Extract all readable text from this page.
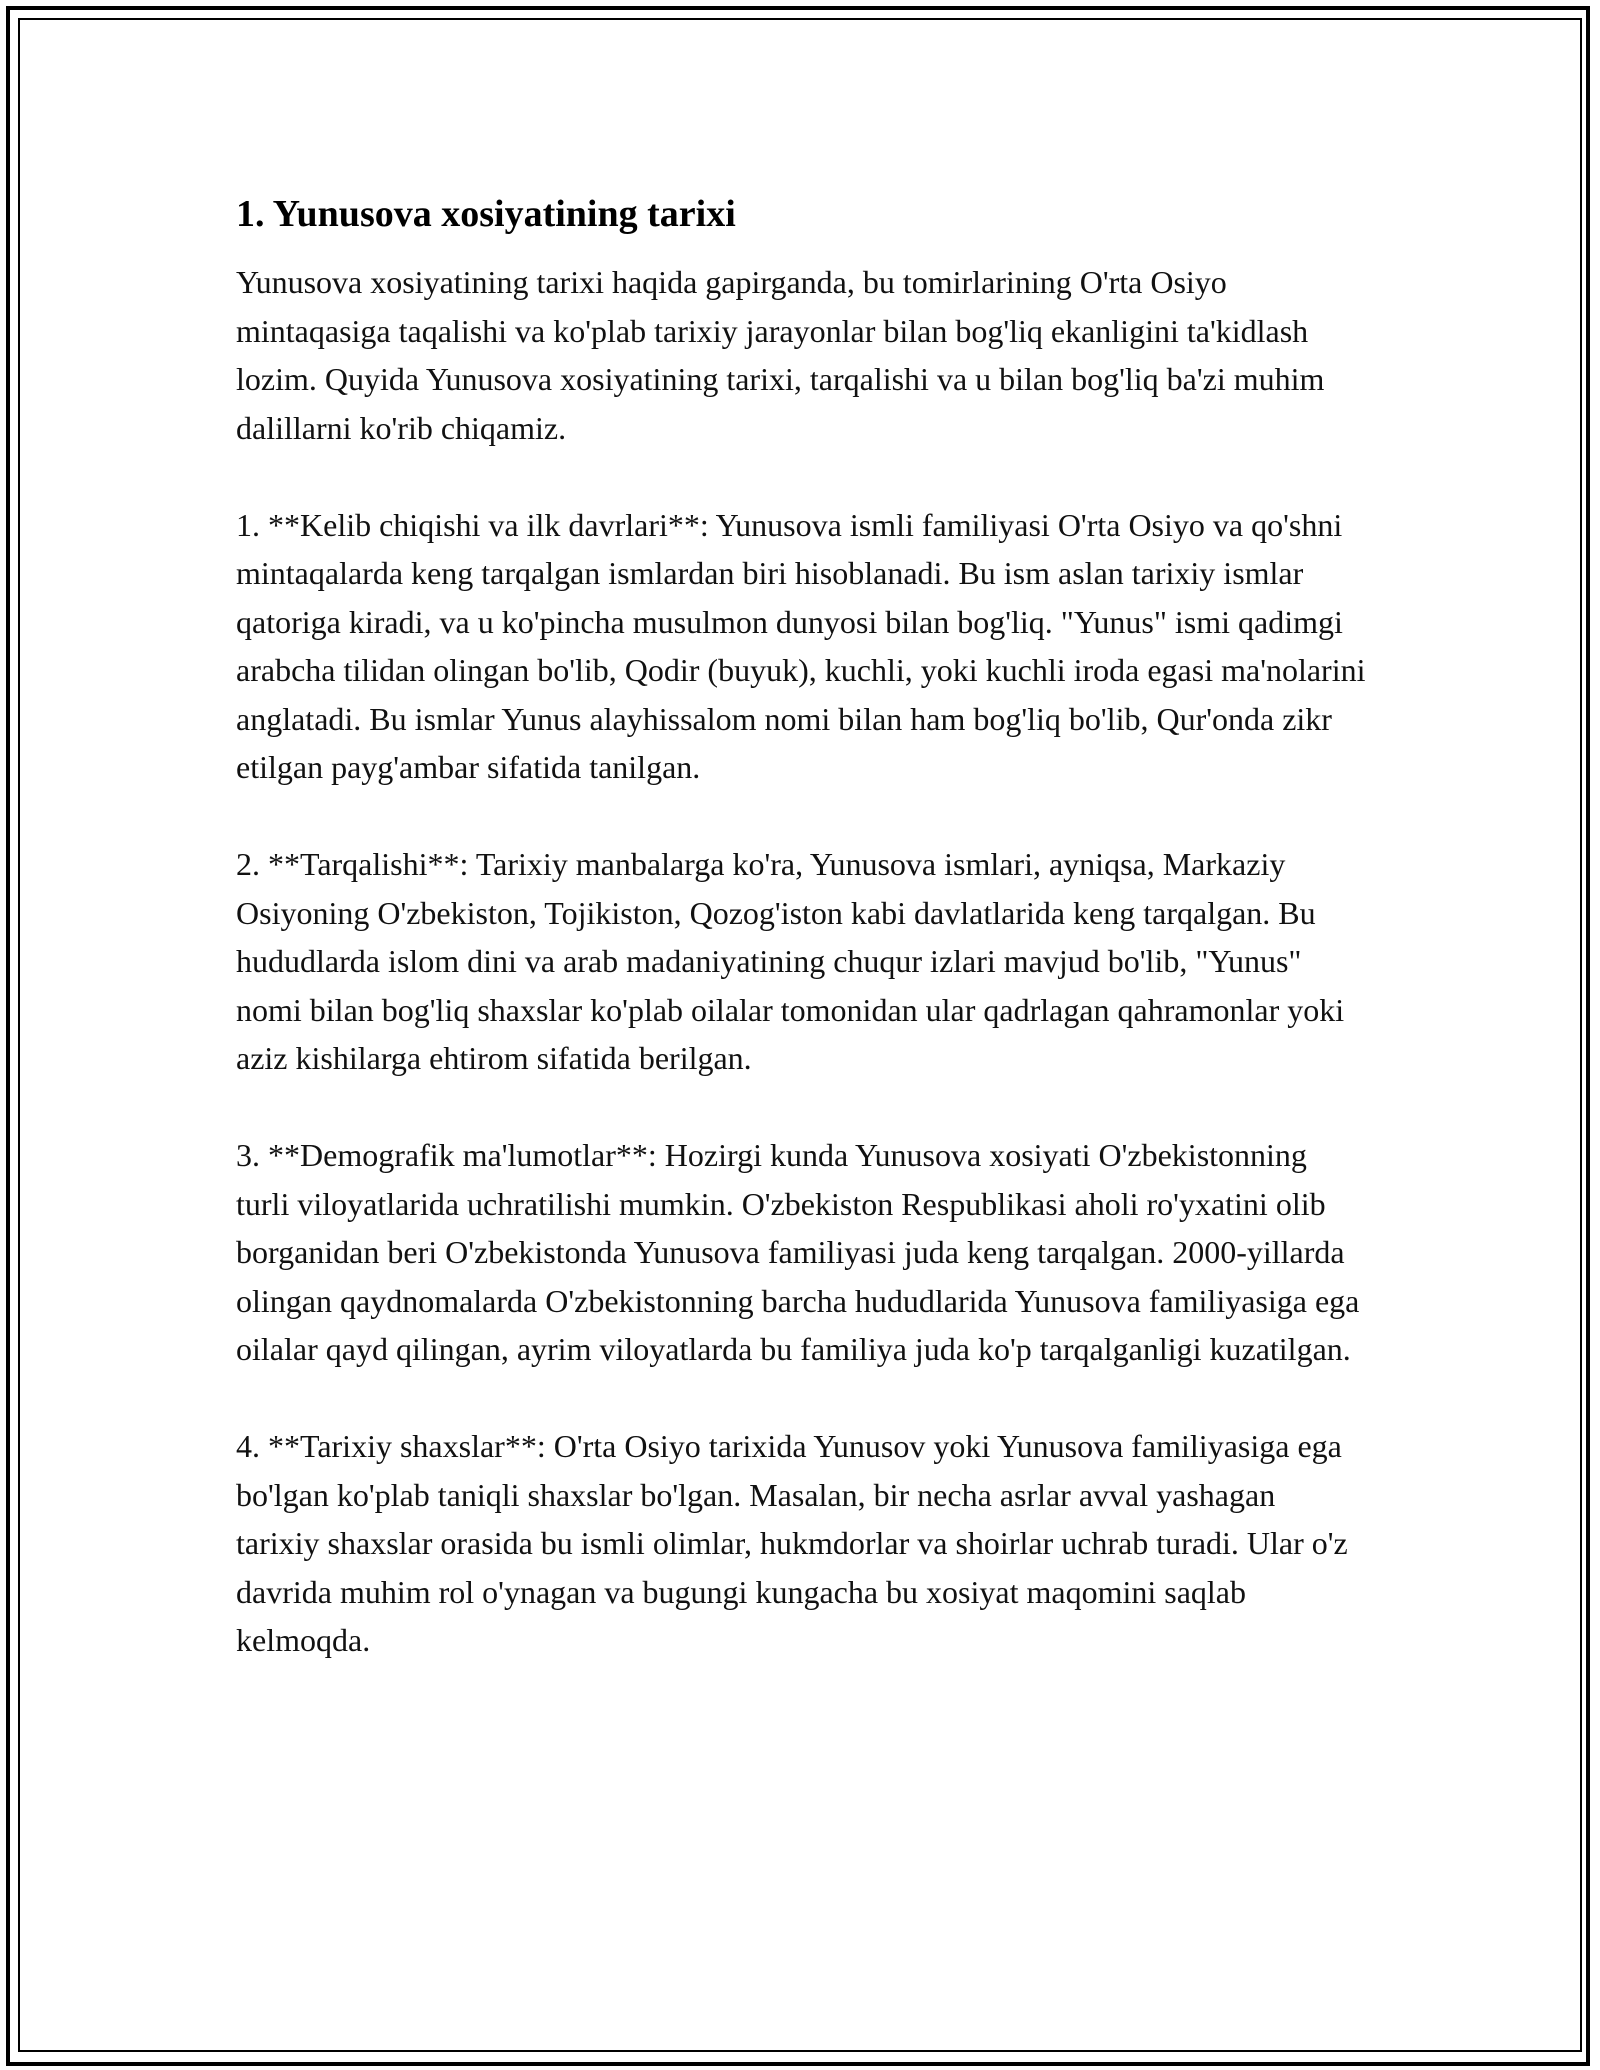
1. Yunusova xosiyatining tarixi

Yunusova xosiyatining tarixi haqida gapirganda, bu tomirlarining O'rta Osiyo mintaqasiga taqalishi va ko'plab tarixiy jarayonlar bilan bog'liq ekanligini ta'kidlash lozim. Quyida Yunusova xosiyatining tarixi, tarqalishi va u bilan bog'liq ba'zi muhim dalillarni ko'rib chiqamiz.

1. **Kelib chiqishi va ilk davrlari**: Yunusova ismli familiyasi O'rta Osiyo va qo'shni mintaqalarda keng tarqalgan ismlardan biri hisoblanadi. Bu ism aslan tarixiy ismlar qatoriga kiradi, va u ko'pincha musulmon dunyosi bilan bog'liq. "Yunus" ismi qadimgi arabcha tilidan olingan bo'lib, Qodir (buyuk), kuchli, yoki kuchli iroda egasi ma'nolarini anglatadi. Bu ismlar Yunus alayhissalom nomi bilan ham bog'liq bo'lib, Qur'onda zikr etilgan payg'ambar sifatida tanilgan.

2. **Tarqalishi**: Tarixiy manbalarga ko'ra, Yunusova ismlari, ayniqsa, Markaziy Osiyoning O'zbekiston, Tojikiston, Qozog'iston kabi davlatlarida keng tarqalgan. Bu hududlarda islom dini va arab madaniyatining chuqur izlari mavjud bo'lib, "Yunus" nomi bilan bog'liq shaxslar ko'plab oilalar tomonidan ular qadrlagan qahramonlar yoki aziz kishilarga ehtirom sifatida berilgan.

3. **Demografik ma'lumotlar**: Hozirgi kunda Yunusova xosiyati O'zbekistonning turli viloyatlarida uchratilishi mumkin. O'zbekiston Respublikasi aholi ro'yxatini olib borganidan beri O'zbekistonda Yunusova familiyasi juda keng tarqalgan. 2000-yillarda olingan qaydnomalarda O'zbekistonning barcha hududlarida Yunusova familiyasiga ega oilalar qayd qilingan, ayrim viloyatlarda bu familiya juda ko'p tarqalganligi kuzatilgan.

4. **Tarixiy shaxslar**: O'rta Osiyo tarixida Yunusov yoki Yunusova familiyasiga ega bo'lgan ko'plab taniqli shaxslar bo'lgan. Masalan, bir necha asrlar avval yashagan tarixiy shaxslar orasida bu ismli olimlar, hukmdorlar va shoirlar uchrab turadi. Ular o'z davrida muhim rol o'ynagan va bugungi kungacha bu xosiyat maqomini saqlab kelmoqda.
